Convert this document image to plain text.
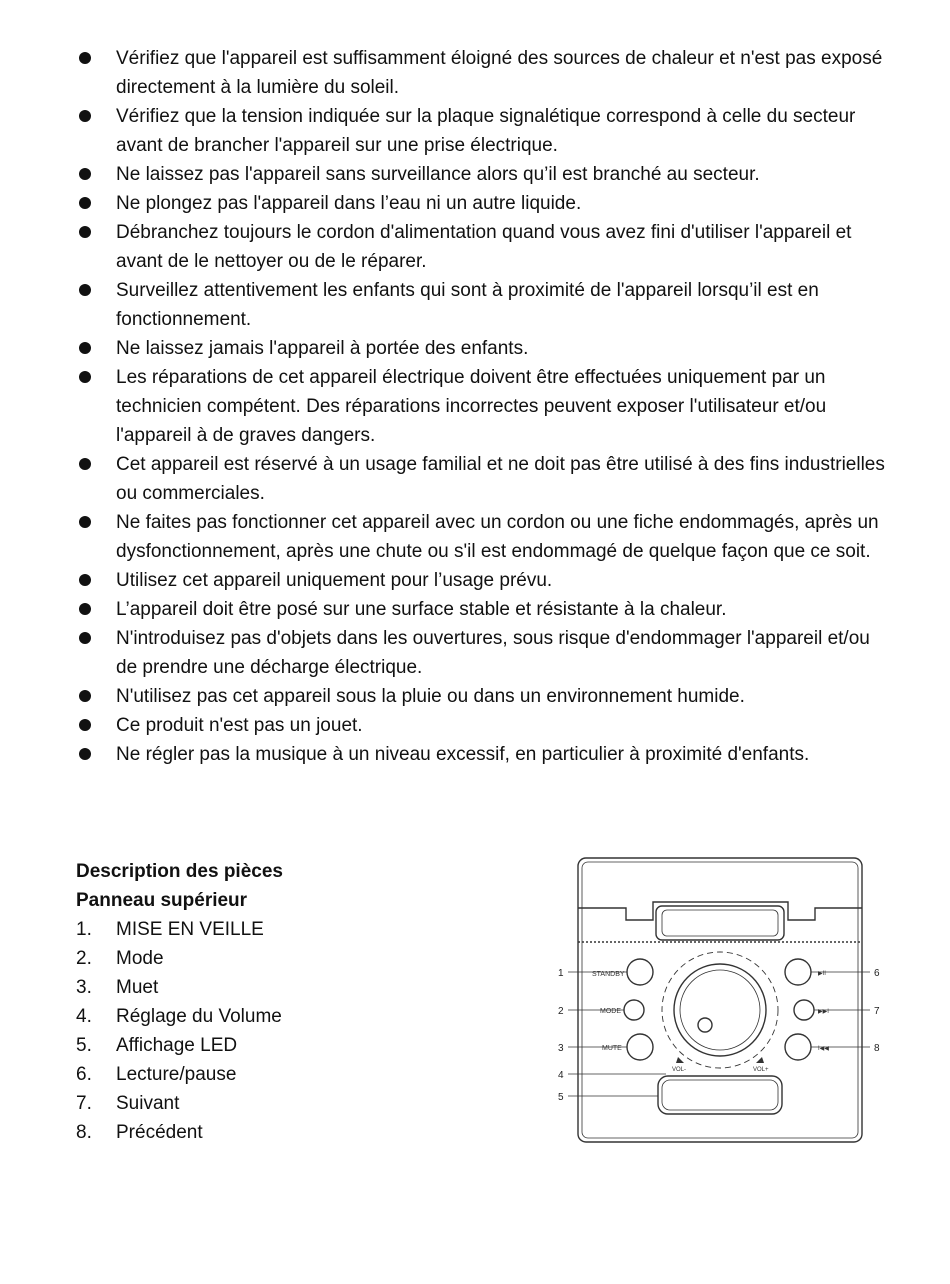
Vérifiez que l'appareil est suffisamment éloigné des sources de chaleur et n'est pas exposé directement à la lumière du soleil.
Vérifiez que la tension indiquée sur la plaque signalétique correspond à celle du secteur avant de brancher l'appareil sur une prise électrique.
Ne laissez pas l'appareil sans surveillance alors qu’il est branché au secteur.
Ne plongez pas l'appareil dans l’eau ni un autre liquide.
Débranchez toujours le cordon d'alimentation quand vous avez fini d'utiliser l'appareil et avant de le nettoyer ou de le réparer.
Surveillez attentivement les enfants qui sont à proximité de l'appareil lorsqu’il est en fonctionnement.
Ne laissez jamais l'appareil à portée des enfants.
Les réparations de cet appareil électrique doivent être effectuées uniquement par un technicien compétent. Des réparations incorrectes peuvent exposer l'utilisateur et/ou l'appareil à de graves dangers.
Cet appareil est réservé à un usage familial et ne doit pas être utilisé à des fins industrielles ou commerciales.
Ne faites pas fonctionner cet appareil avec un cordon ou une fiche endommagés, après un dysfonctionnement, après une chute ou s'il est endommagé de quelque façon que ce soit.
Utilisez cet appareil uniquement pour l’usage prévu.
L’appareil doit être posé sur une surface stable et résistante à la chaleur.
N'introduisez pas d'objets dans les ouvertures, sous risque d'endommager l'appareil et/ou de prendre une décharge électrique.
N'utilisez pas cet appareil sous la pluie ou dans un environnement humide.
Ce produit n'est pas un jouet.
Ne régler pas la musique à un niveau excessif, en particulier à proximité d'enfants.
Description des pièces
Panneau supérieur
1.	MISE EN VEILLE
2.	Mode
3.	Muet
4.	Réglage du Volume
5.	Affichage LED
6.	Lecture/pause
7.	Suivant
8.	Précédent
STANDBY
MODE
MUTE
VOL-	VOL+
▶II
▶▶I
I◀◀
1
2
3
4
5
6
7
8
